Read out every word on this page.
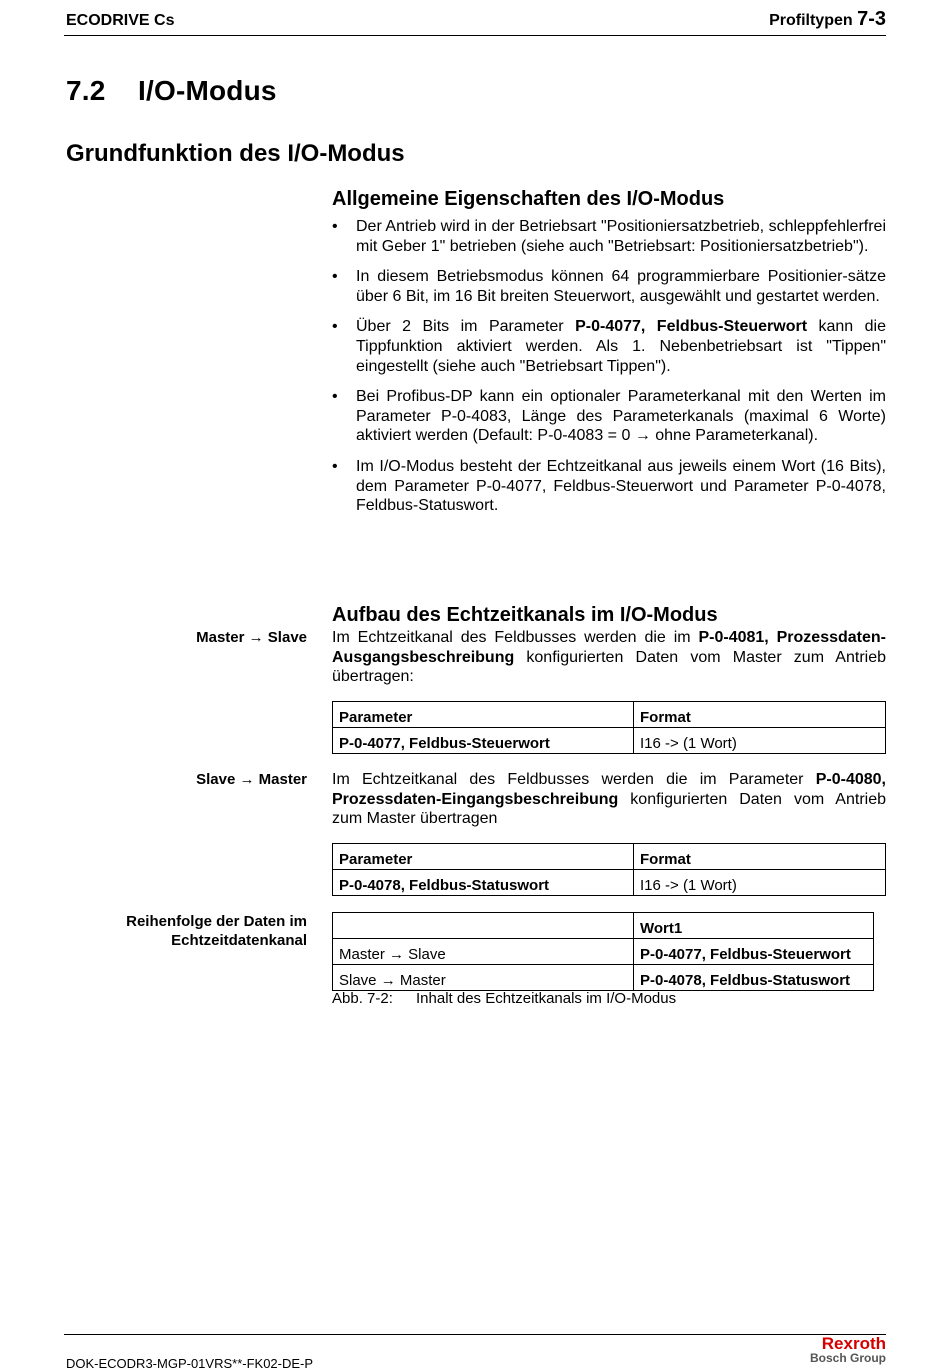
ECODRIVE Cs	Profiltypen 7-3
7.2 I/O-Modus
Grundfunktion des I/O-Modus
Allgemeine Eigenschaften des I/O-Modus
• Der Antrieb wird in der Betriebsart "Positioniersatzbetrieb, schleppfehlerfrei mit Geber 1" betrieben (siehe auch "Betriebsart: Positioniersatzbetrieb").
• In diesem Betriebsmodus können 64 programmierbare Positionier-sätze über 6 Bit, im 16 Bit breiten Steuerwort, ausgewählt und gestartet werden.
• Über 2 Bits im Parameter P-0-4077, Feldbus-Steuerwort kann die Tippfunktion aktiviert werden. Als 1. Nebenbetriebsart ist "Tippen" eingestellt (siehe auch "Betriebsart Tippen").
• Bei Profibus-DP kann ein optionaler Parameterkanal mit den Werten im Parameter P-0-4083, Länge des Parameterkanals (maximal 6 Worte) aktiviert werden (Default: P-0-4083 = 0 → ohne Parameterkanal).
• Im I/O-Modus besteht der Echtzeitkanal aus jeweils einem Wort (16 Bits), dem Parameter P-0-4077, Feldbus-Steuerwort und Parameter P-0-4078, Feldbus-Statuswort.
Aufbau des Echtzeitkanals im I/O-Modus
Master → Slave Im Echtzeitkanal des Feldbusses werden die im P-0-4081, Prozessdaten-Ausgangsbeschreibung konfigurierten Daten vom Master zum Antrieb übertragen:
Parameter	Format
P-0-4077, Feldbus-Steuerwort	I16 -> (1 Wort)
Slave → Master Im Echtzeitkanal des Feldbusses werden die im Parameter P-0-4080, Prozessdaten-Eingangsbeschreibung konfigurierten Daten vom Antrieb zum Master übertragen
Parameter	Format
P-0-4078, Feldbus-Statuswort	I16 -> (1 Wort)
Reihenfolge der Daten im
Echtzeitdatenkanal
	Wort1
Master → Slave	P-0-4077, Feldbus-Steuerwort
Slave → Master	P-0-4078, Feldbus-Statuswort
Abb. 7-2: Inhalt des Echtzeitkanals im I/O-Modus
DOK-ECODR3-MGP-01VRS**-FK02-DE-P
Rexroth
Bosch Group
